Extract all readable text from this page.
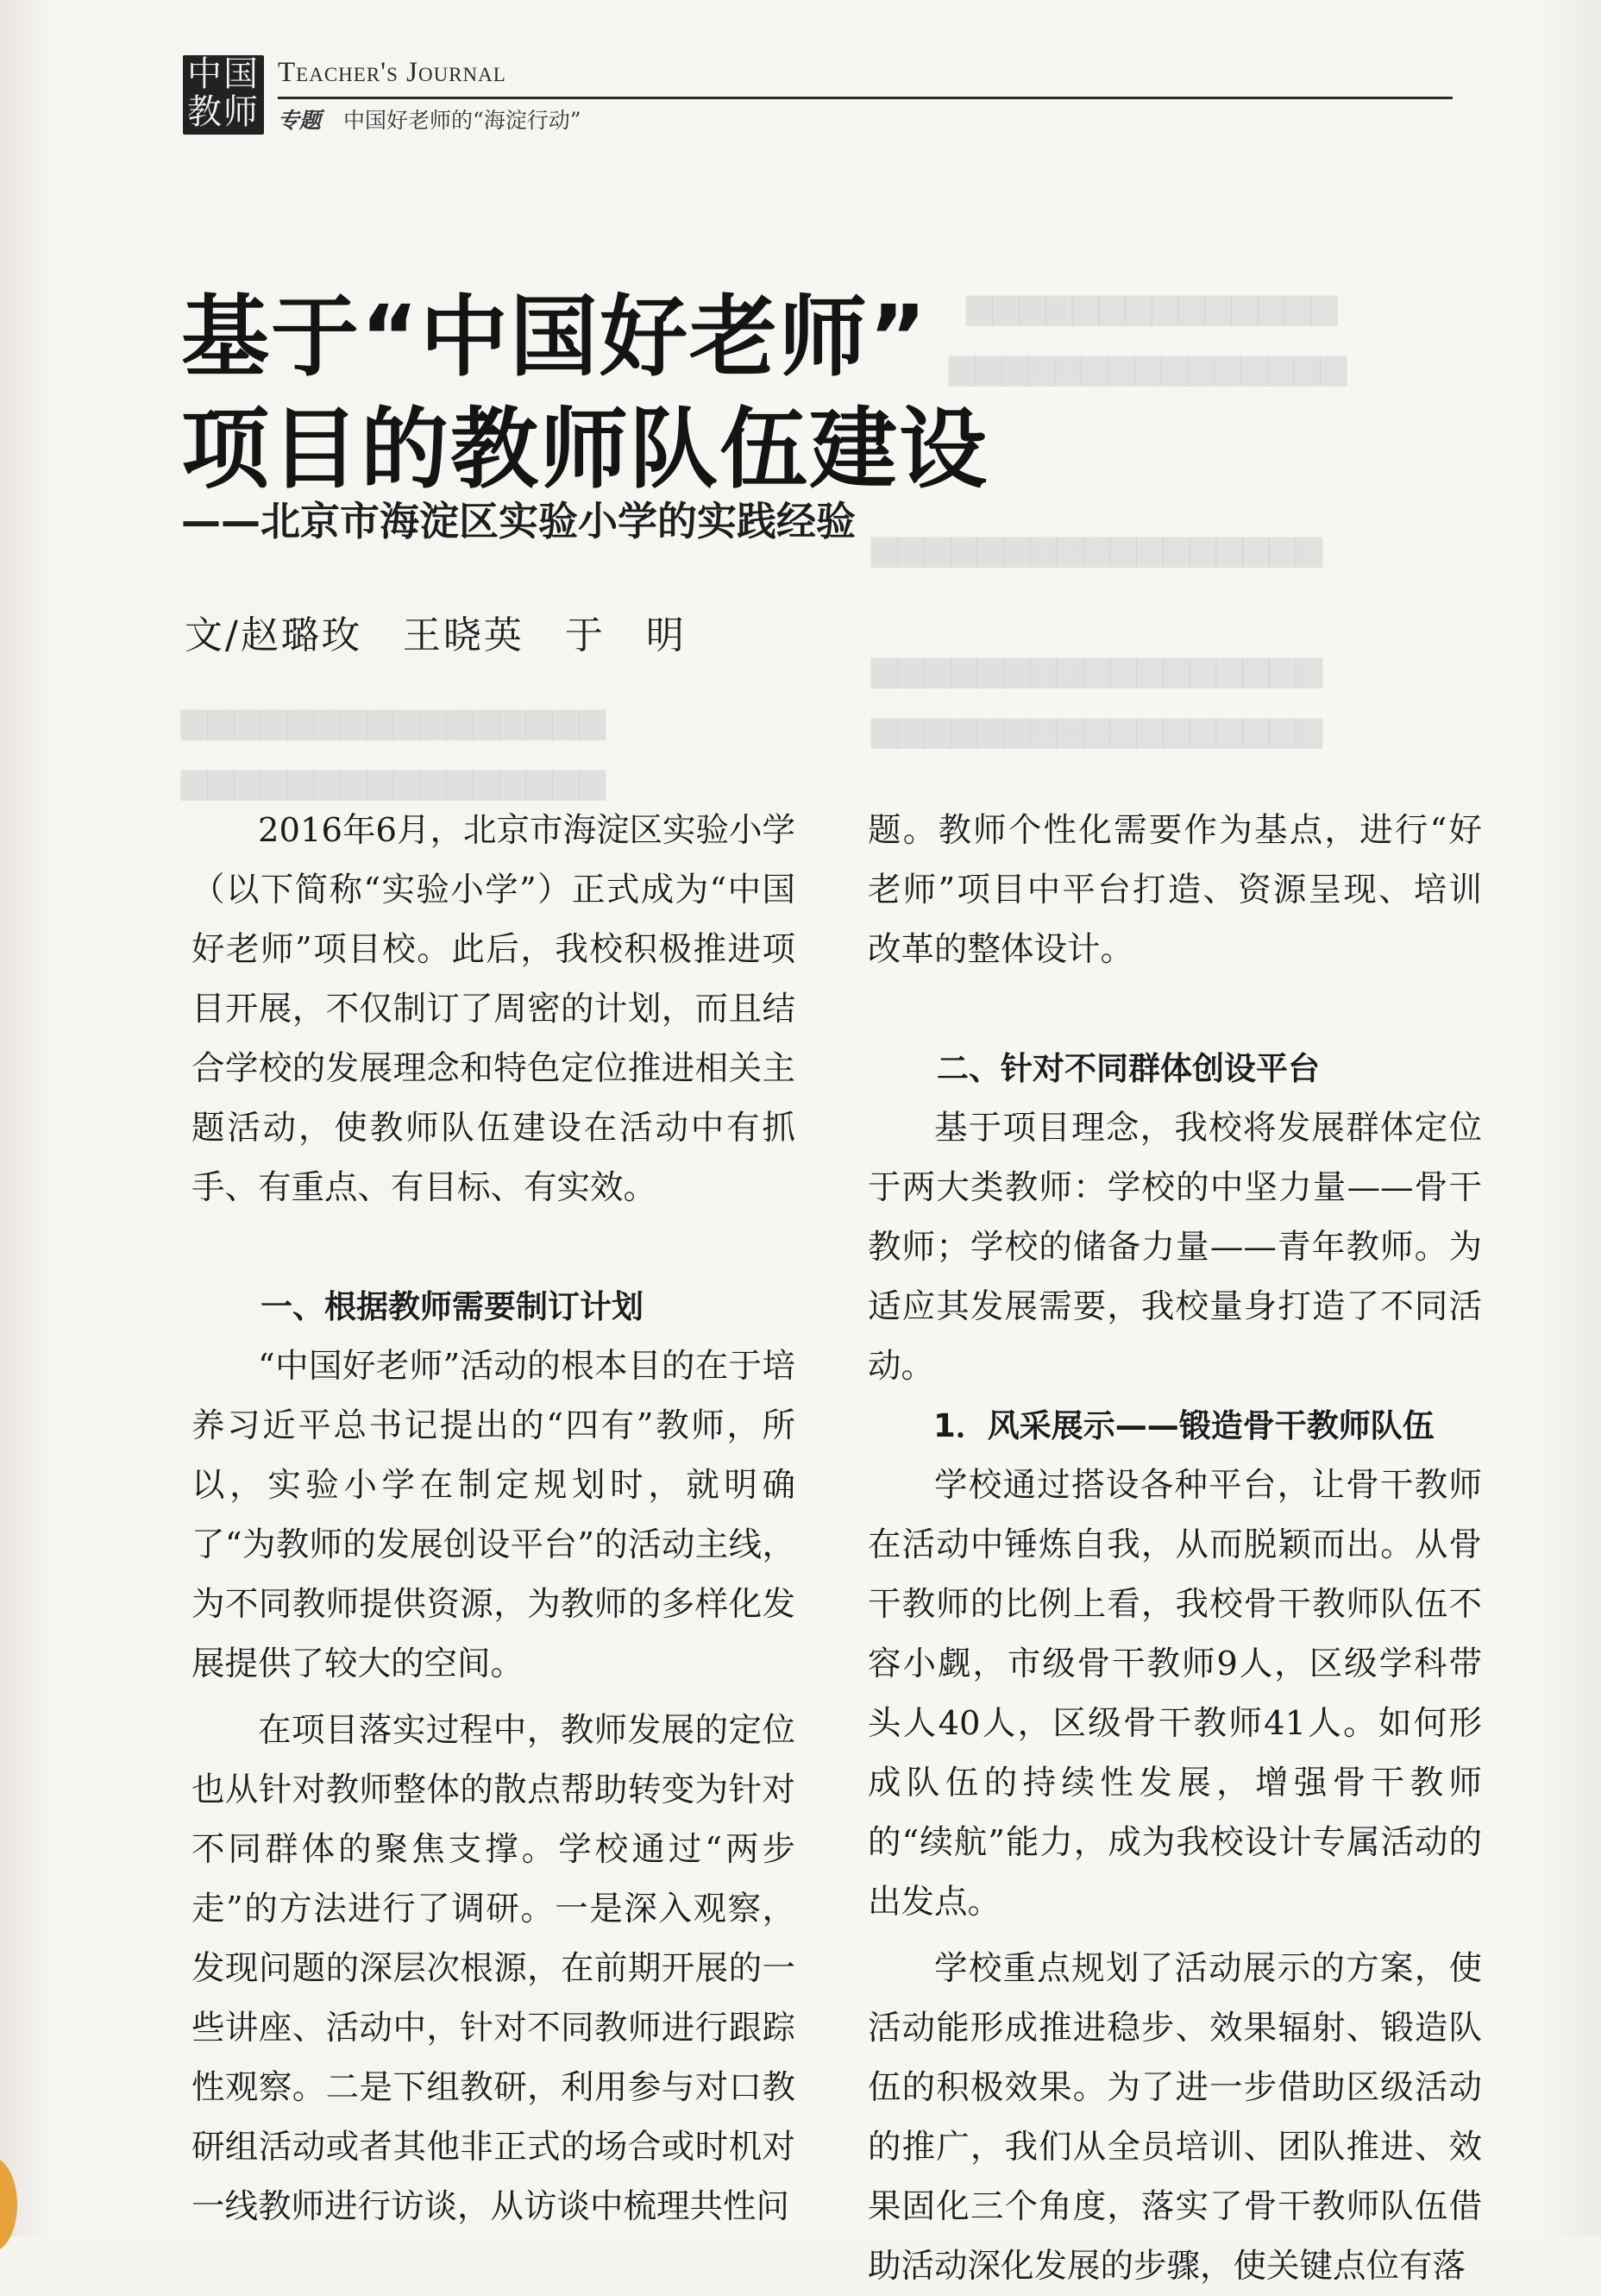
▆▆▆▆▆▆▆▆▆▆▆▆▆▆
▆▆▆▆▆▆▆▆▆▆▆▆▆▆▆
▆▆▆▆▆▆▆▆▆▆▆▆▆▆▆▆▆
▆▆▆▆▆▆▆▆▆▆▆▆▆▆▆▆▆
▆▆▆▆▆▆▆▆▆▆▆▆▆▆▆▆▆
▆▆▆▆▆▆▆▆▆▆▆▆▆▆▆▆
▆▆▆▆▆▆▆▆▆▆▆▆▆▆▆▆
中国
教师
Teacher's Journal
专题 中国好老师的“海淀行动”
基于“中国好老师”
项目的教师队伍建设
——北京市海淀区实验小学的实践经验
文/赵璐玫　王晓英　于　明

2016年6月，北京市海淀区实验小学（以下简称“实验小学”）正式成为“中国好老师”项目校。此后，我校积极推进项目开展，不仅制订了周密的计划，而且结合学校的发展理念和特色定位推进相关主题活动，使教师队伍建设在活动中有抓手、有重点、有目标、有实效。

一、根据教师需要制订计划

“中国好老师”活动的根本目的在于培养习近平总书记提出的“四有”教师，所以，实验小学在制定规划时，就明确了“为教师的发展创设平台”的活动主线，为不同教师提供资源，为教师的多样化发展提供了较大的空间。

在项目落实过程中，教师发展的定位也从针对教师整体的散点帮助转变为针对不同群体的聚焦支撑。学校通过“两步走”的方法进行了调研。一是深入观察，发现问题的深层次根源，在前期开展的一些讲座、活动中，针对不同教师进行跟踪性观察。二是下组教研，利用参与对口教研组活动或者其他非正式的场合或时机对一线教师进行访谈，从访谈中梳理共性问

题。教师个性化需要作为基点，进行“好老师”项目中平台打造、资源呈现、培训改革的整体设计。

二、针对不同群体创设平台

基于项目理念，我校将发展群体定位于两大类教师：学校的中坚力量——骨干教师；学校的储备力量——青年教师。为适应其发展需要，我校量身打造了不同活动。

1．风采展示——锻造骨干教师队伍

学校通过搭设各种平台，让骨干教师在活动中锤炼自我，从而脱颖而出。从骨干教师的比例上看，我校骨干教师队伍不容小觑，市级骨干教师9人，区级学科带头人40人，区级骨干教师41人。如何形成队伍的持续性发展，增强骨干教师的“续航”能力，成为我校设计专属活动的出发点。

学校重点规划了活动展示的方案，使活动能形成推进稳步、效果辐射、锻造队伍的积极效果。为了进一步借助区级活动的推广，我们从全员培训、团队推进、效果固化三个角度，落实了骨干教师队伍借助活动深化发展的步骤，使关键点位有落
